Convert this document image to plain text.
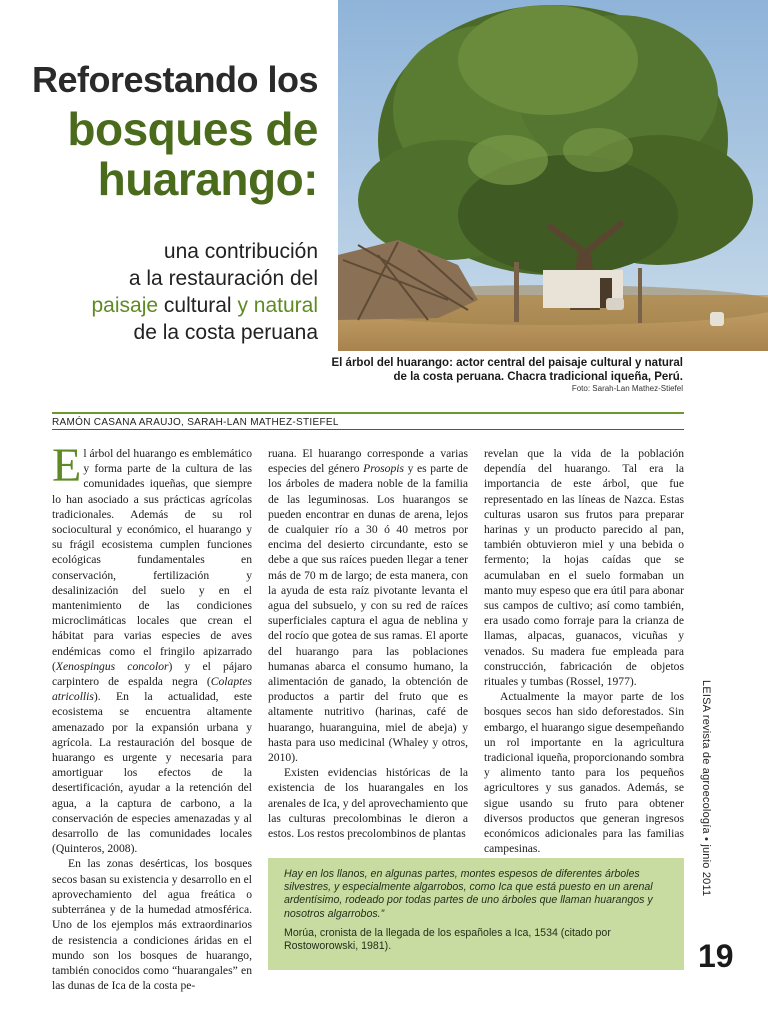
Reforestando los
bosques de
huarango:
una contribución
a la restauración del
paisaje cultural y natural
de la costa peruana
El árbol del huarango: actor central del paisaje cultural y natural de la costa peruana. Chacra tradicional iqueña, Perú.
Foto: Sarah-Lan Mathez-Stiefel
RAMÓN CASANA ARAUJO, SARAH-LAN MATHEZ-STIEFEL

El árbol del huarango es emblemático y forma parte de la cultura de las comunidades iqueñas, que siempre lo han asociado a sus prácticas agrícolas tradicionales. Además de su rol sociocultural y económico, el huarango y su frágil ecosistema cumplen funciones ecológicas fundamentales en conservación, fertilización y desalinización del suelo y en el mantenimiento de las condiciones microclimáticas locales que crean el hábitat para varias especies de aves endémicas como el fringilo apizarrado (Xenospingus concolor) y el pájaro carpintero de espalda negra (Colaptes atricollis). En la actualidad, este ecosistema se encuentra altamente amenazado por la expansión urbana y agrícola. La restauración del bosque de huarango es urgente y necesaria para amortiguar los efectos de la desertificación, ayudar a la retención del agua, a la captura de carbono, a la conservación de especies amenazadas y al desarrollo de las comunidades locales (Quinteros, 2008).

En las zonas desérticas, los bosques secos basan su existencia y desarrollo en el aprovechamiento del agua freática o subterránea y de la humedad atmosférica. Uno de los ejemplos más extraordinarios de resistencia a condiciones áridas en el mundo son los bosques de huarango, también conocidos como “huarangales” en las dunas de Ica de la costa pe-

ruana. El huarango corresponde a varias especies del género Prosopis y es parte de los árboles de madera noble de la familia de las leguminosas. Los huarangos se pueden encontrar en dunas de arena, lejos de cualquier río a 30 ó 40 metros por encima del desierto circundante, esto se debe a que sus raíces pueden llegar a tener más de 70 m de largo; de esta manera, con la ayuda de esta raíz pivotante levanta el agua del subsuelo, y con su red de raíces superficiales captura el agua de neblina y del rocío que gotea de sus ramas. El aporte del huarango para las poblaciones humanas abarca el consumo humano, la alimentación de ganado, la obtención de productos a partir del fruto que es altamente nutritivo (harinas, café de huarango, huaranguina, miel de abeja) y hasta para uso medicinal (Whaley y otros, 2010).

Existen evidencias históricas de la existencia de los huarangales en los arenales de Ica, y del aprovechamiento que las culturas precolombinas le dieron a estos. Los restos precolombinos de plantas

revelan que la vida de la población dependía del huarango. Tal era la importancia de este árbol, que fue representado en las líneas de Nazca. Estas culturas usaron sus frutos para preparar harinas y un producto parecido al pan, también obtuvieron miel y una bebida o fermento; la hojas caídas que se acumulaban en el suelo formaban un manto muy espeso que era útil para abonar sus campos de cultivo; así como también, era usado como forraje para la crianza de llamas, alpacas, guanacos, vicuñas y venados. Su madera fue empleada para construcción, fabricación de objetos rituales y tumbas (Rossel, 1977).

Actualmente la mayor parte de los bosques secos han sido deforestados. Sin embargo, el huarango sigue desempeñando un rol importante en la agricultura tradicional iqueña, proporcionando sombra y alimento tanto para los pequeños agricultores y sus ganados. Además, se sigue usando su fruto para obtener diversos productos que generan ingresos económicos adicionales para las familias campesinas.

Hay en los llanos, en algunas partes, montes espesos de diferentes árboles silvestres, y especialmente algarrobos, como Ica que está puesto en un arenal ardentísimo, rodeado por todas partes de uno árboles que llaman huarangos y nosotros algarrobos.”

Morúa, cronista de la llegada de los españoles a Ica, 1534 (citado por Rostoworowski, 1981).

LEISA revista de agroecología • junio 2011
19
